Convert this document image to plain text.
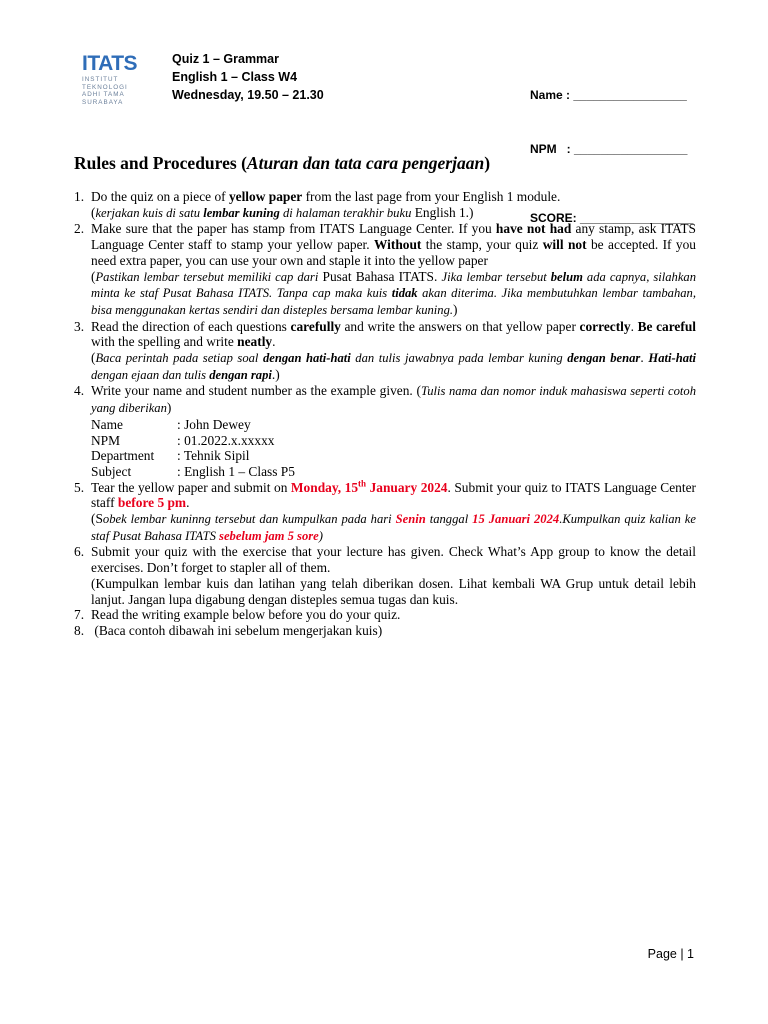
ITATS
INSTITUT
TEKNOLOGI
ADHI TAMA
SURABAYA
Quiz 1 – Grammar
English 1 – Class W4
Wednesday, 19.50 – 21.30

	Name : _________________

NPM   : _________________

SCORE: _________________

Rules and Procedures (Aturan dan tata cara pengerjaan)
1. Do the quiz on a piece of yellow paper from the last page from your English 1 module.
(kerjakan kuis di satu lembar kuning di halaman terakhir buku English 1.)
2. Make sure that the paper has stamp from ITATS Language Center. If you have not had any stamp, ask ITATS Language Center staff to stamp your yellow paper. Without the stamp, your quiz will not be accepted. If you need extra paper, you can use your own and staple it into the yellow paper
(Pastikan lembar tersebut memiliki cap dari Pusat Bahasa ITATS. Jika lembar tersebut belum ada capnya, silahkan minta ke staf Pusat Bahasa ITATS. Tanpa cap maka kuis tidak akan diterima. Jika membutuhkan lembar tambahan, bisa menggunakan kertas sendiri dan disteples bersama lembar kuning.)
3. Read the direction of each questions carefully and write the answers on that yellow paper correctly. Be careful with the spelling and write neatly.
(Baca perintah pada setiap soal dengan hati-hati dan tulis jawabnya pada lembar kuning dengan benar. Hati-hati dengan ejaan dan tulis dengan rapi.)
4. Write your name and student number as the example given. (Tulis nama dan nomor induk mahasiswa seperti cotoh yang diberikan)
Name	: John Dewey
NPM	: 01.2022.x.xxxxx
Department	: Tehnik Sipil
Subject	: English 1 – Class P5
5. Tear the yellow paper and submit on Monday, 15th January 2024. Submit your quiz to ITATS Language Center staff before 5 pm.
(Sobek lembar kuninng tersebut dan kumpulkan pada hari Senin tanggal 15 Januari 2024.Kumpulkan quiz kalian ke staf Pusat Bahasa ITATS sebelum jam 5 sore)
6. Submit your quiz with the exercise that your lecture has given. Check What’s App group to know the detail exercises. Don’t forget to stapler all of them.
(Kumpulkan lembar kuis dan latihan yang telah diberikan dosen. Lihat kembali WA Grup untuk detail lebih lanjut. Jangan lupa digabung dengan disteples semua tugas dan kuis.
7. Read the writing example below before you do your quiz.
8. (Baca contoh dibawah ini sebelum mengerjakan kuis)
Page | 1
